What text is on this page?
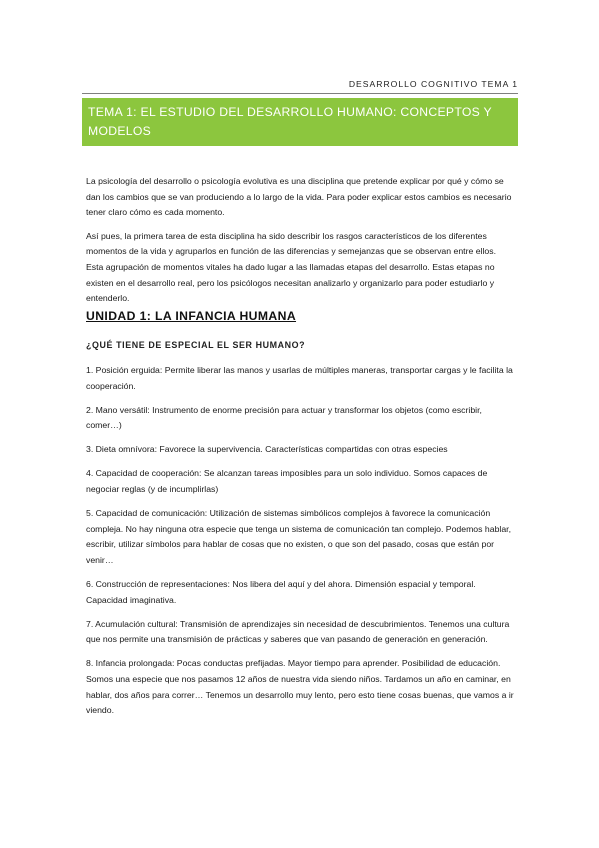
DESARROLLO COGNITIVO TEMA 1
TEMA 1: EL ESTUDIO DEL DESARROLLO HUMANO: CONCEPTOS Y MODELOS

La psicología del desarrollo o psicología evolutiva es una disciplina que pretende explicar por qué y cómo se dan los cambios que se van produciendo a lo largo de la vida. Para poder explicar estos cambios es necesario tener claro cómo es cada momento.

Así pues, la primera tarea de esta disciplina ha sido describir los rasgos característicos de los diferentes momentos de la vida y agruparlos en función de las diferencias y semejanzas que se observan entre ellos. Esta agrupación de momentos vitales ha dado lugar a las llamadas etapas del desarrollo. Estas etapas no existen en el desarrollo real, pero los psicólogos necesitan analizarlo y organizarlo para poder estudiarlo y entenderlo.

UNIDAD 1: LA INFANCIA HUMANA
¿QUÉ TIENE DE ESPECIAL EL SER HUMANO?

1. Posición erguida: Permite liberar las manos y usarlas de múltiples maneras, transportar cargas y le facilita la cooperación.

2. Mano versátil: Instrumento de enorme precisión para actuar y transformar los objetos (como escribir, comer…)

3. Dieta omnívora: Favorece la supervivencia. Características compartidas con otras especies

4. Capacidad de cooperación: Se alcanzan tareas imposibles para un solo individuo. Somos capaces de negociar reglas (y de incumplirlas)

5. Capacidad de comunicación: Utilización de sistemas simbólicos complejos à favorece la comunicación compleja. No hay ninguna otra especie que tenga un sistema de comunicación tan complejo. Podemos hablar, escribir, utilizar símbolos para hablar de cosas que no existen, o que son del pasado, cosas que están por venir…

6. Construcción de representaciones: Nos libera del aquí y del ahora. Dimensión espacial y temporal. Capacidad imaginativa.

7. Acumulación cultural: Transmisión de aprendizajes sin necesidad de descubrimientos. Tenemos una cultura que nos permite una transmisión de prácticas y saberes que van pasando de generación en generación.

8. Infancia prolongada: Pocas conductas prefijadas. Mayor tiempo para aprender. Posibilidad de educación. Somos una especie que nos pasamos 12 años de nuestra vida siendo niños. Tardamos un año en caminar, en hablar, dos años para correr… Tenemos un desarrollo muy lento, pero esto tiene cosas buenas, que vamos a ir viendo.
